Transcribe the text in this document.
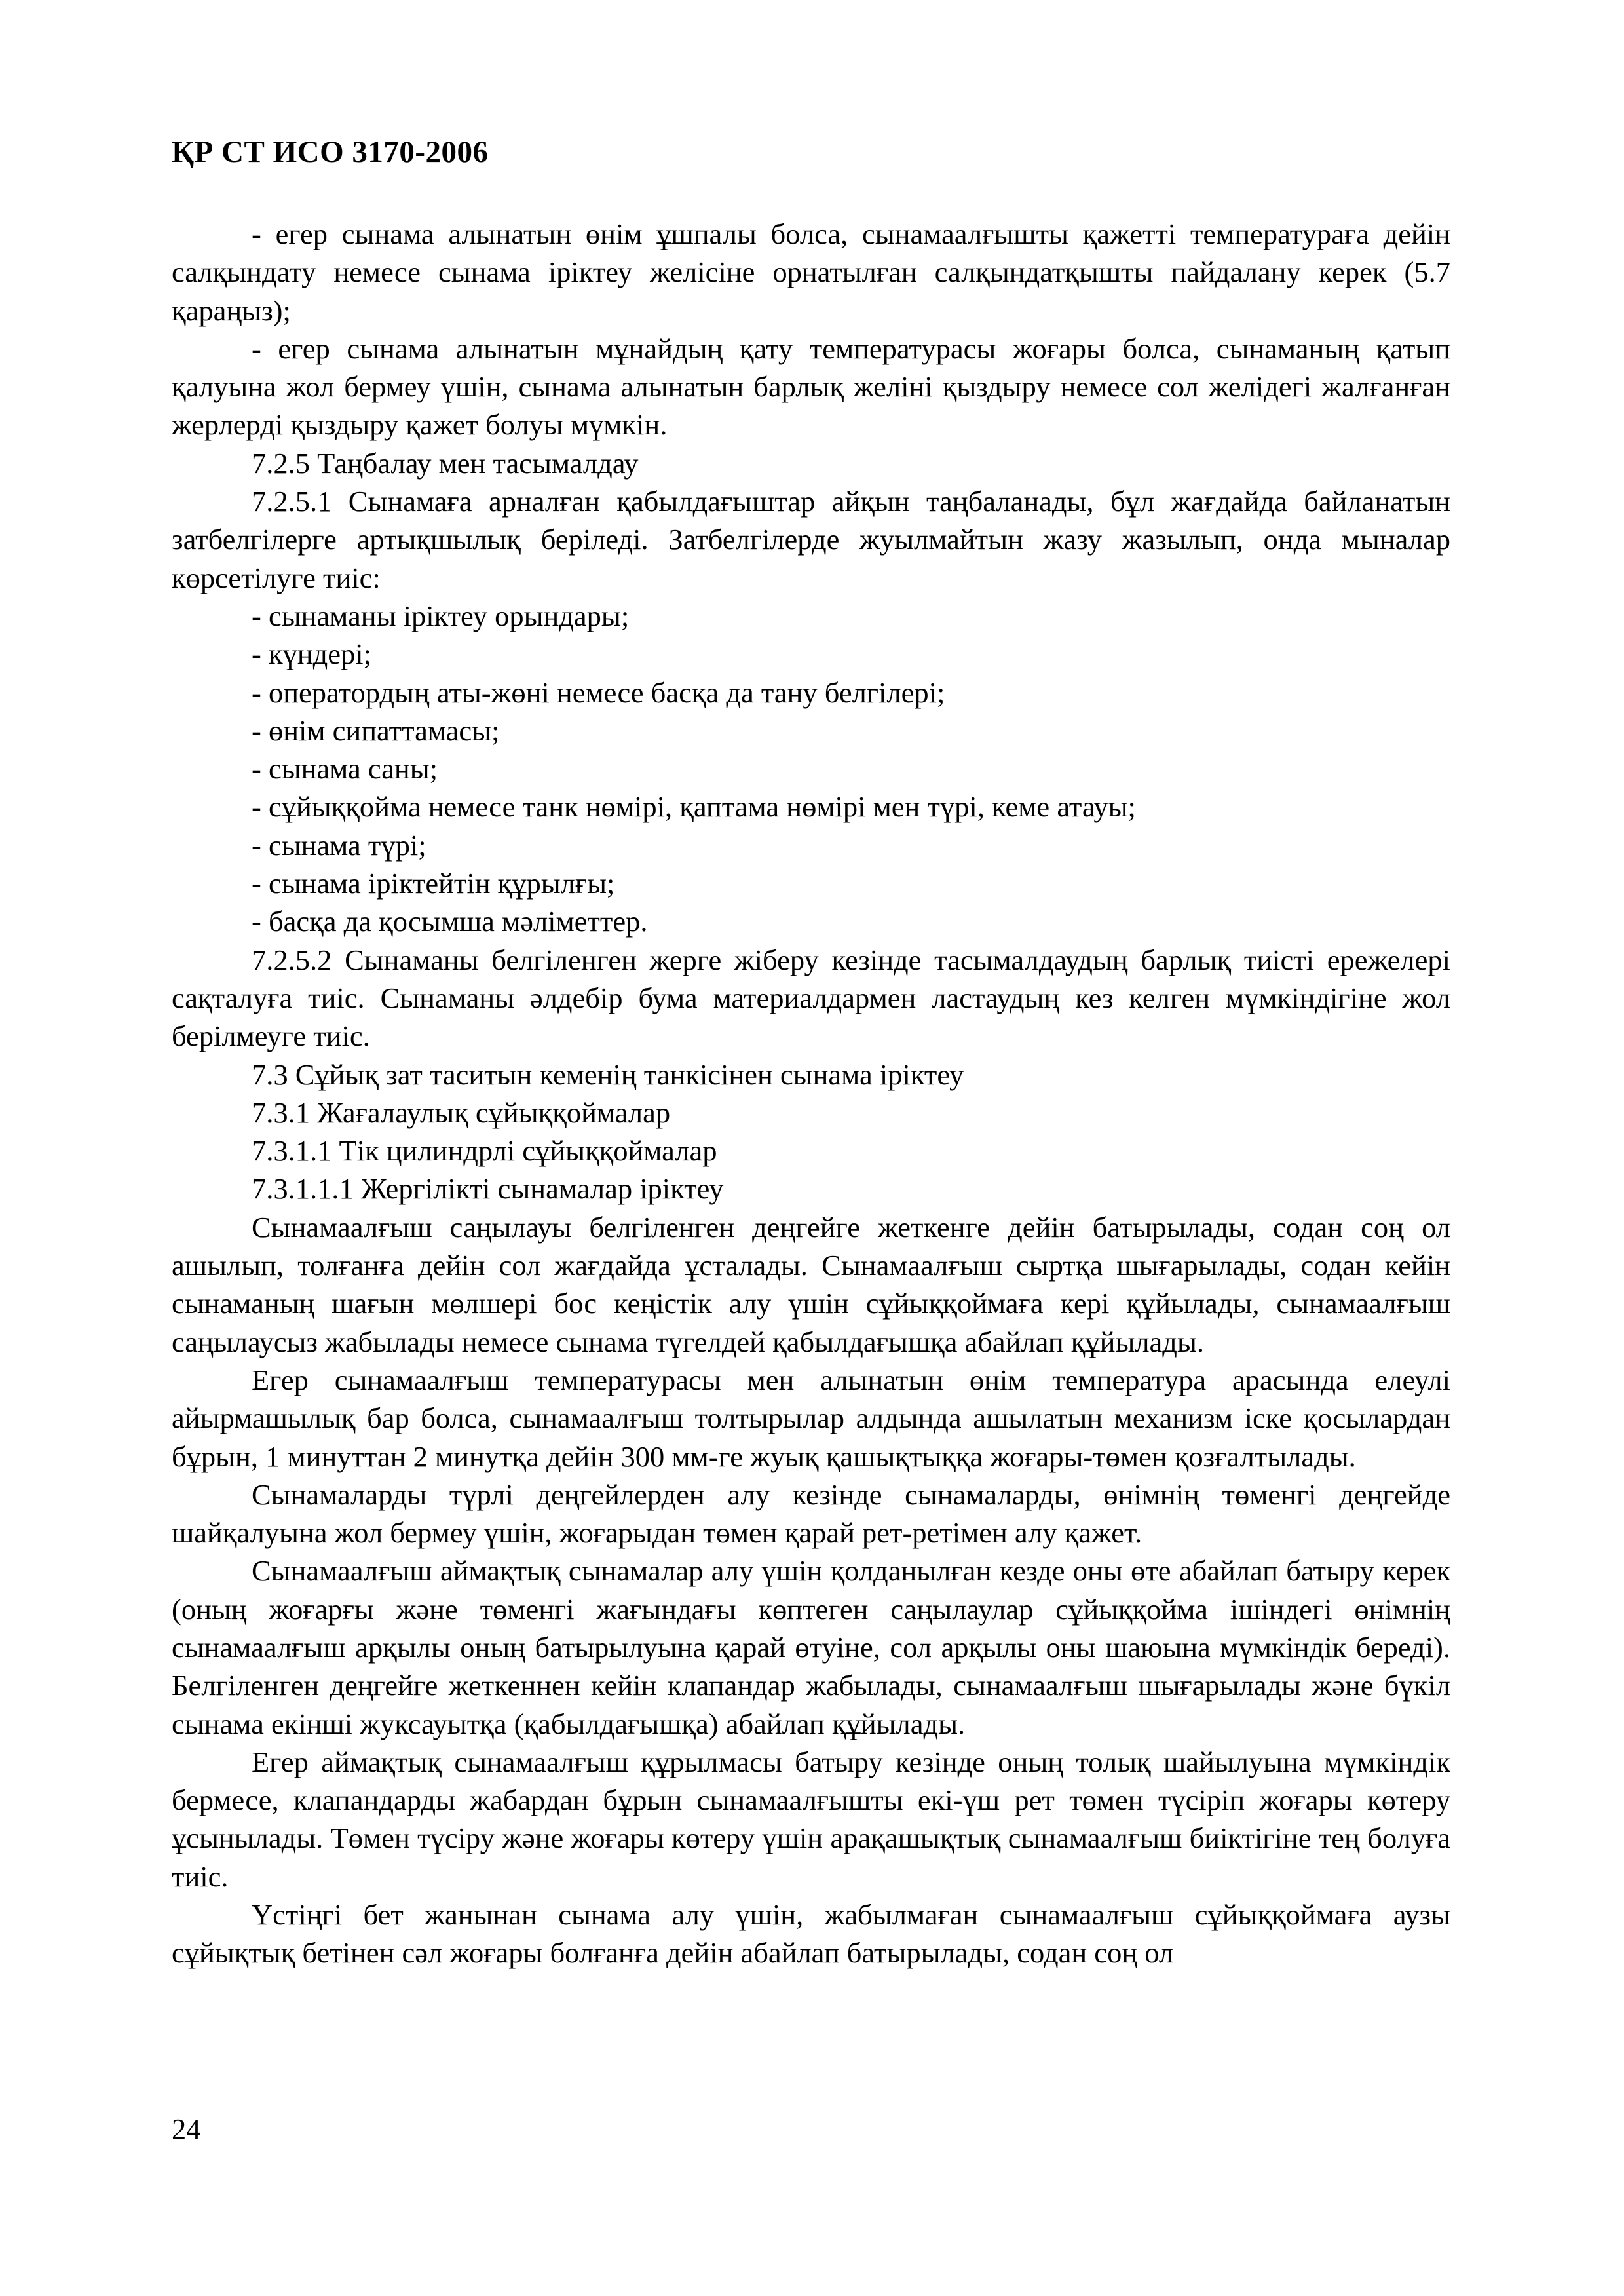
ҚР СТ ИСО 3170-2006

- егер сынама алынатын өнім ұшпалы болса, сынамаалғышты қажетті температураға дейін салқындату немесе сынама іріктеу желісіне орнатылған салқындатқышты пайдалану керек (5.7 қараңыз);

- егер сынама алынатын мұнайдың қату температурасы жоғары болса, сынаманың қатып қалуына жол бермеу үшін, сынама алынатын барлық желіні қыздыру немесе сол желідегі жалғанған жерлерді қыздыру қажет болуы мүмкін.

7.2.5 Таңбалау мен тасымалдау

7.2.5.1 Сынамаға арналған қабылдағыштар айқын таңбаланады, бұл жағдайда байланатын затбелгілерге артықшылық беріледі. Затбелгілерде жуылмайтын жазу жазылып, онда мыналар көрсетілуге тиіс:

- сынаманы іріктеу орындары;

- күндері;

- оператордың аты-жөні немесе басқа да тану белгілері;

- өнім сипаттамасы;

- сынама саны;

- сұйыққойма немесе танк нөмірі, қаптама нөмірі мен түрі, кеме атауы;

- сынама түрі;

- сынама іріктейтін құрылғы;

- басқа да қосымша мәліметтер.

7.2.5.2 Сынаманы белгіленген жерге жіберу кезінде тасымалдаудың барлық тиісті ережелері сақталуға тиіс. Сынаманы әлдебір бума материалдармен ластаудың кез келген мүмкіндігіне жол берілмеуге тиіс.

7.3 Сұйық зат таситын кеменің танкісінен сынама іріктеу

7.3.1 Жағалаулық сұйыққоймалар

7.3.1.1 Тік цилиндрлі сұйыққоймалар

7.3.1.1.1 Жергілікті сынамалар іріктеу

Сынамаалғыш саңылауы белгіленген деңгейге жеткенге дейін батырылады, содан соң ол ашылып, толғанға дейін сол жағдайда ұсталады. Сынамаалғыш сыртқа шығарылады, содан кейін сынаманың шағын мөлшері бос кеңістік алу үшін сұйыққоймаға кері құйылады, сынамаалғыш саңылаусыз жабылады немесе сынама түгелдей қабылдағышқа абайлап құйылады.

Егер сынамаалғыш температурасы мен алынатын өнім температура арасында елеулі айырмашылық бар болса, сынамаалғыш толтырылар алдында ашылатын механизм іске қосылардан бұрын, 1 минуттан 2 минутқа дейін 300 мм-ге жуық қашықтыққа жоғары-төмен қозғалтылады.

Сынамаларды түрлі деңгейлерден алу кезінде сынамаларды, өнімнің төменгі деңгейде шайқалуына жол бермеу үшін, жоғарыдан төмен қарай рет-ретімен алу қажет.

Сынамаалғыш аймақтық сынамалар алу үшін қолданылған кезде оны өте абайлап батыру керек (оның жоғарғы және төменгі жағындағы көптеген саңылаулар сұйыққойма ішіндегі өнімнің сынамаалғыш арқылы оның батырылуына қарай өтуіне, сол арқылы оны шаюына мүмкіндік береді). Белгіленген деңгейге жеткеннен кейін клапандар жабылады, сынамаалғыш шығарылады және бүкіл сынама екінші жуксауытқа (қабылдағышқа) абайлап құйылады.

Егер аймақтық сынамаалғыш құрылмасы батыру кезінде оның толық шайылуына мүмкіндік бермесе, клапандарды жабардан бұрын сынамаалғышты екі-үш рет төмен түсіріп жоғары көтеру ұсынылады. Төмен түсіру және жоғары көтеру үшін арақашықтық сынамаалғыш биіктігіне тең болуға тиіс.

Үстіңгі бет жанынан сынама алу үшін, жабылмаған сынамаалғыш сұйыққоймаға аузы сұйықтық бетінен сәл жоғары болғанға дейін абайлап батырылады, содан соң ол

24
